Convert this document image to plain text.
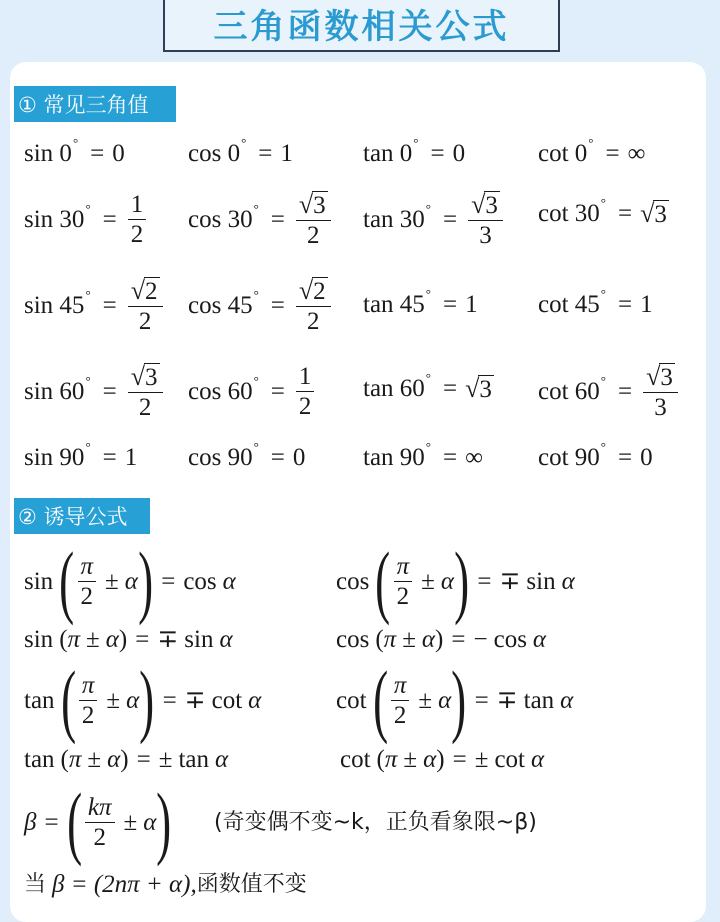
三角函数相关公式
① 常见三角值
sin 0 ° = 0	cos 0 ° = 1	tan 0 ° = 0	cot 0 ° = ∞
sin 30 ° = $\frac{1}{2}$ cos 30 ° = $\frac{√ 3}{2}$ tan 30 ° = $\frac{√ 3}{3}$ cot 30 ° = √ 3
sin 45 ° = $\frac{√ 2}{2}$ cos 45 ° = $\frac{√ 2}{2}$ tan 45 ° = 1 cot 45 ° = 1
sin 60 ° = $\frac{√ 3}{2}$ cos 60 ° = $\frac{1}{2}$ tan 60 ° = √ 3 cot 60 ° = $\frac{√ 3}{3}$
sin 90 ° = 1 cos 90 ° = 0 tan 90 ° = ∞ cot 90 ° = 0
② 诱导公式
sin ( $\frac{\pi}{2} \pm \alpha$ ) = cos α	cos ( $\frac{\pi}{2} \pm \alpha$ ) = ∓ sin α
sin ( π ± α ) = ∓ sin α	cos ( π ± α ) = − cos α
tan ( $\frac{\pi}{2} \pm \alpha$ ) = ∓ cot α	cot ( $\frac{\pi}{2} \pm \alpha$ ) = ∓ tan α
tan ( π ± α ) = ± tan α	cot ( π ± α ) = ± cot α
β = ( $\frac{k\pi}{2} \pm \alpha$ ) (奇变偶不变~k，正负看象限~β)
当 β = (2nπ + α), 函数值不变
